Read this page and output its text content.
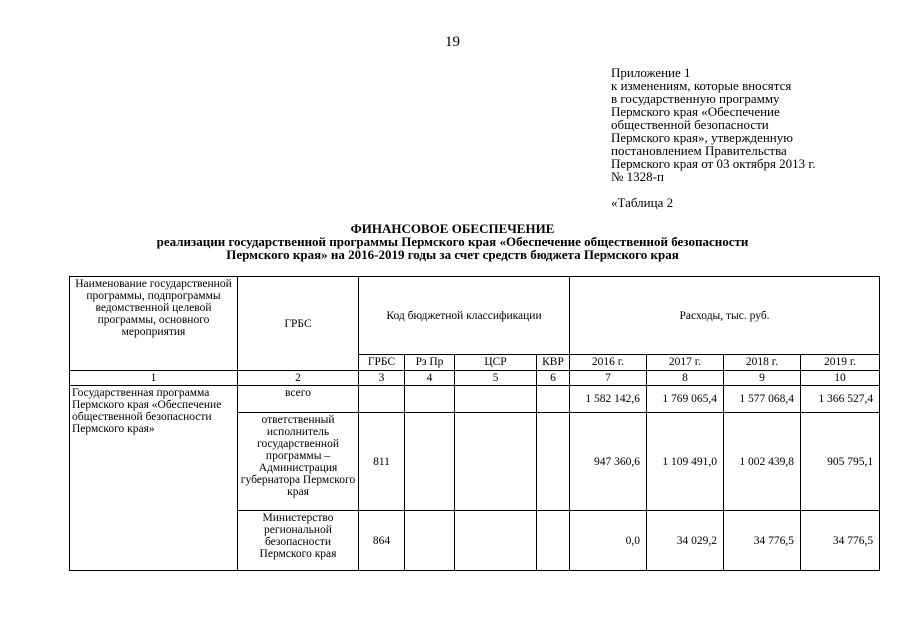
19
Приложение 1
к изменениям, которые вносятся
в государственную программу
Пермского края «Обеспечение
общественной безопасности
Пермского края», утвержденную
постановлением Правительства
Пермского края от 03 октября 2013 г.
№ 1328-п
«Таблица 2
ФИНАНСОВОЕ ОБЕСПЕЧЕНИЕ
реализации государственной программы Пермского края «Обеспечение общественной безопасности
Пермского края» на 2016-2019 годы за счет средств бюджета Пермского края
Наименование государственной программы, подпрограммы ведомственной целевой программы, основного мероприятия	ГРБС	Код бюджетной классификации				Расходы, тыс. руб.			
		ГРБС	Рз Пр	ЦСР	КВР	2016 г.	2017 г.	2018 г.	2019 г.
1	2	3	4	5	6	7	8	9	10
Государственная программа Пермского края «Обеспечение общественной безопасности Пермского края»	всего					1 582 142,6	1 769 065,4	1 577 068,4	1 366 527,4
	ответственный исполнитель государственной программы – Администрация губернатора Пермского края	811				947 360,6	1 109 491,0	1 002 439,8	905 795,1
	Министерство региональной безопасности Пермского края	864				0,0	34 029,2	34 776,5	34 776,5
